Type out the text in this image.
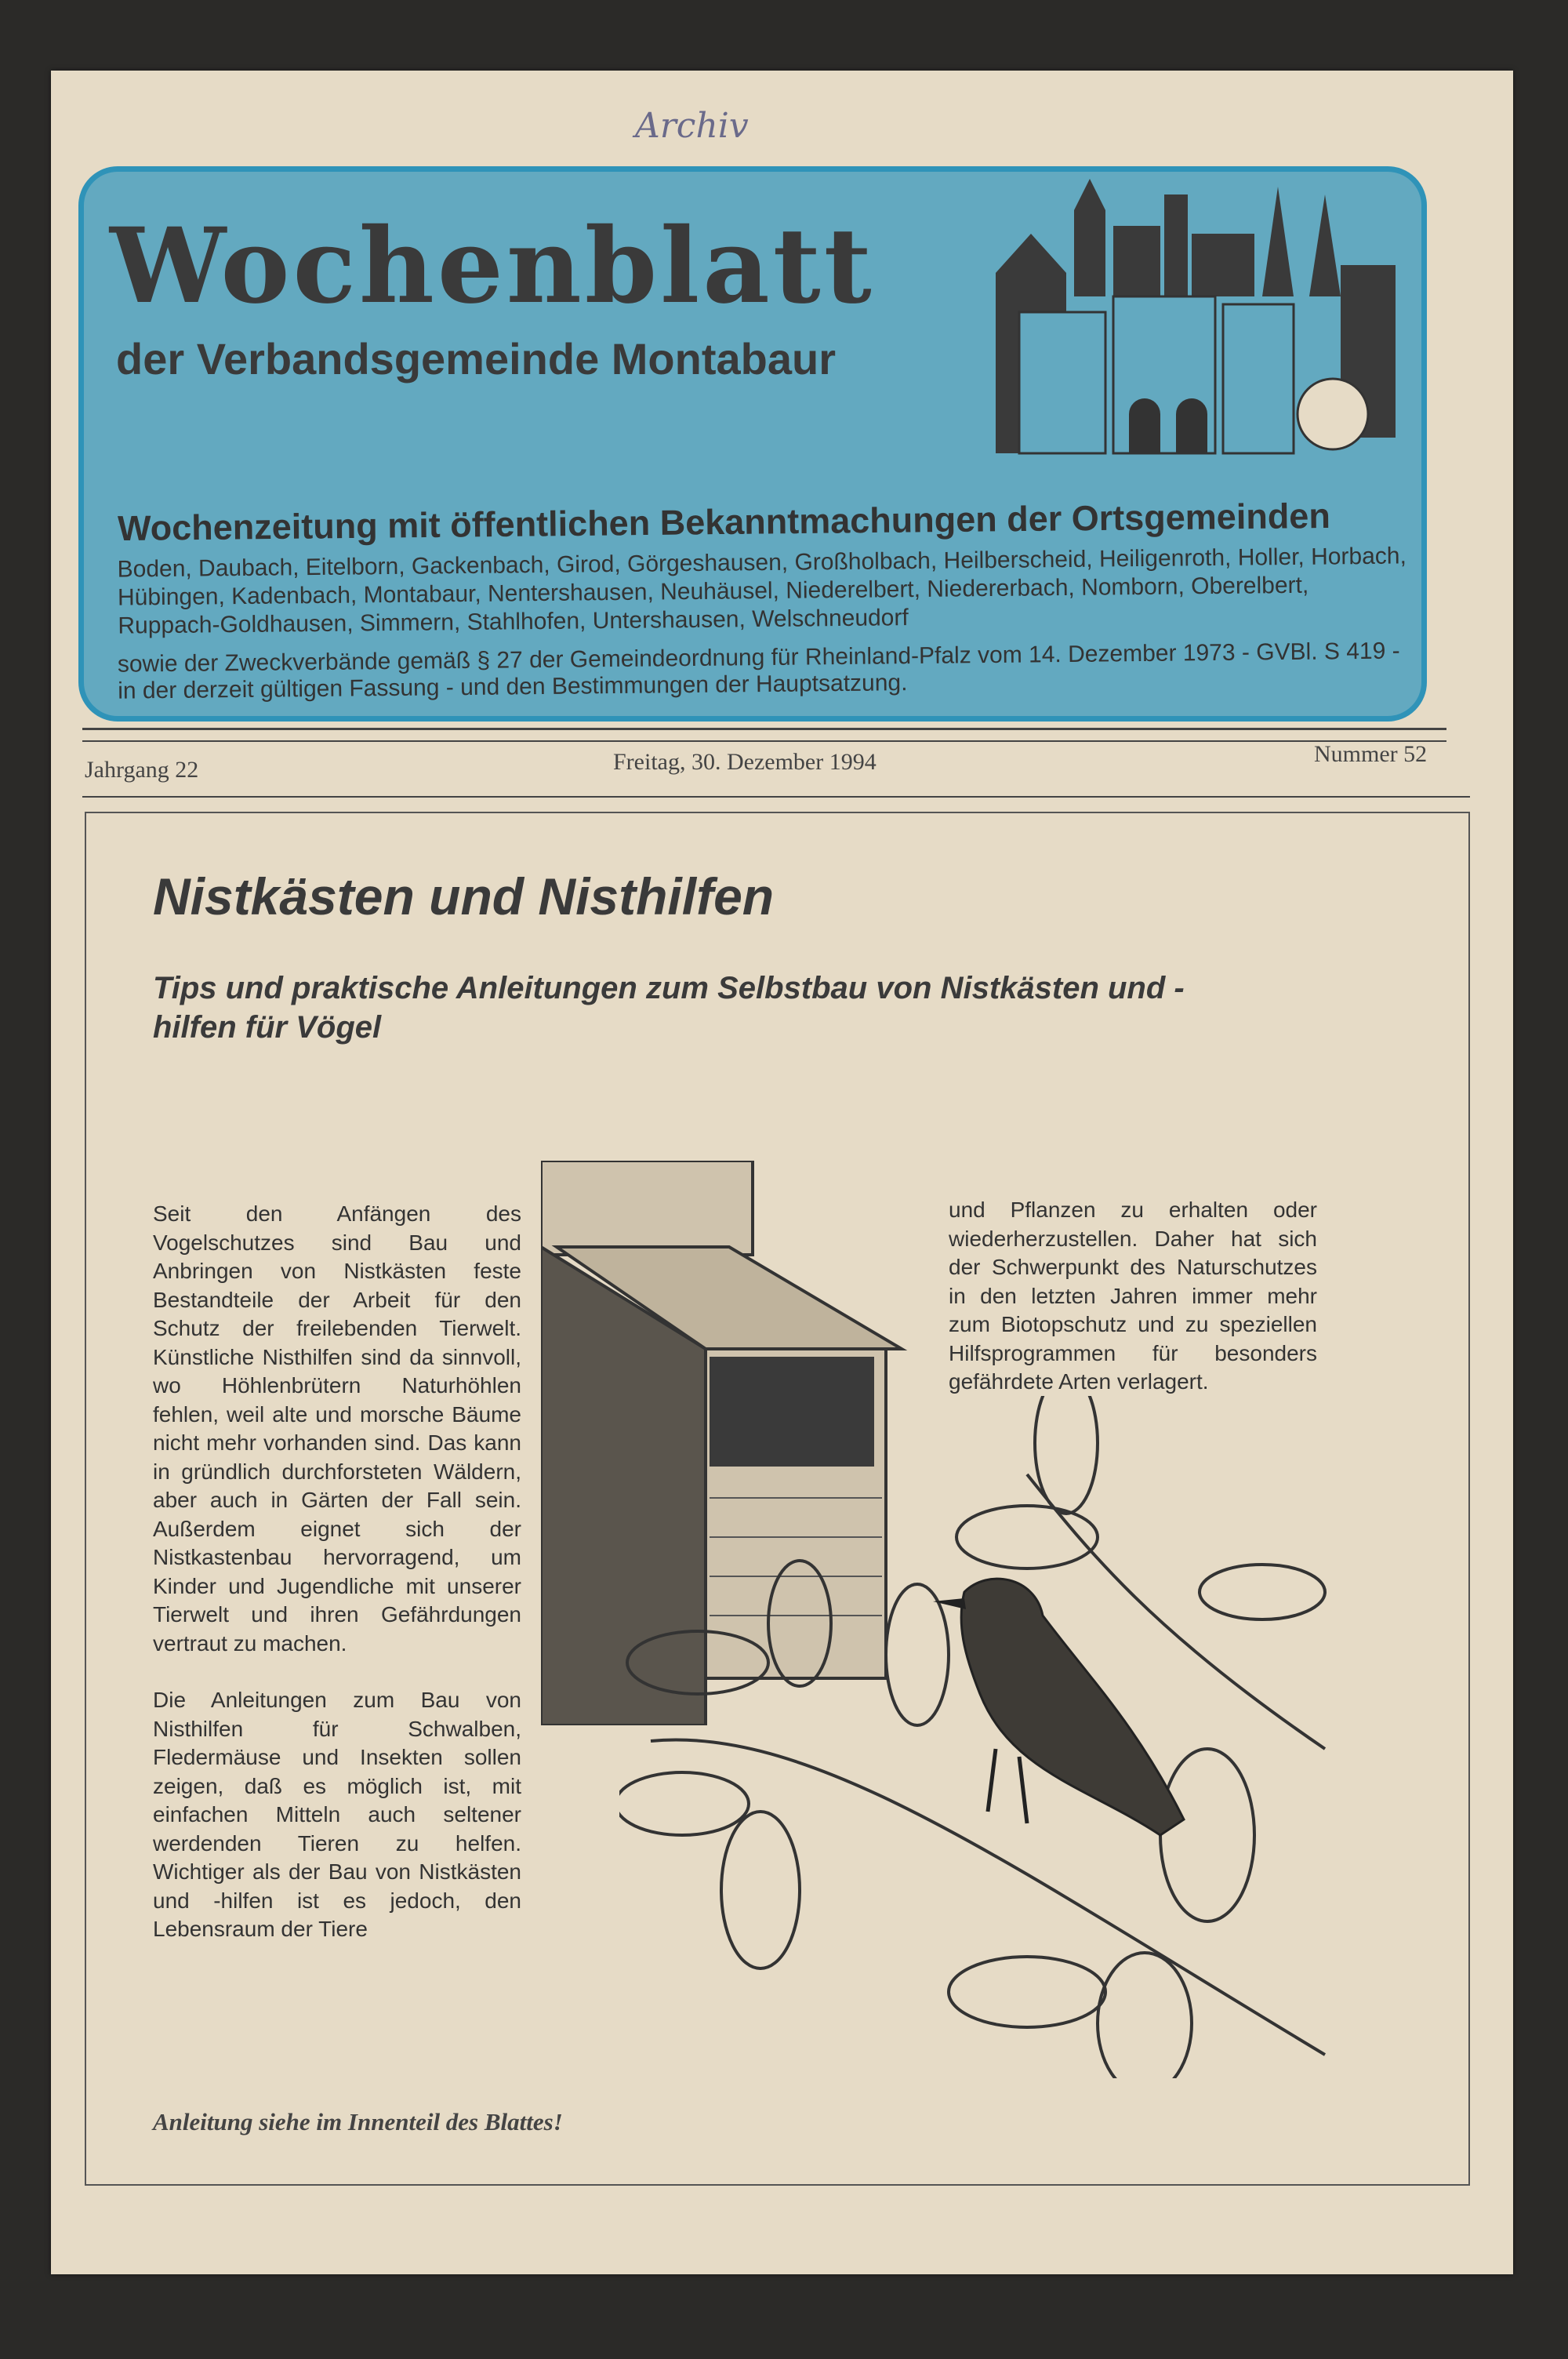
Archiv
Wochenblatt
der Verbandsgemeinde Montabaur
Wochenzeitung mit öffentlichen Bekanntmachungen der Ortsgemeinden
Boden, Daubach, Eitelborn, Gackenbach, Girod, Görgeshausen, Großholbach, Heilberscheid, Heiligenroth, Holler, Horbach, Hübingen, Kadenbach, Montabaur, Nentershausen, Neuhäusel, Niederelbert, Niedererbach, Nomborn, Oberelbert, Ruppach-Goldhausen, Simmern, Stahlhofen, Untershausen, Welschneudorf
sowie der Zweckverbände gemäß § 27 der Gemeindeordnung für Rheinland-Pfalz vom 14. Dezember 1973 - GVBl. S 419 - in der derzeit gültigen Fassung - und den Bestimmungen der Hauptsatzung.
Jahrgang 22	Freitag, 30. Dezember 1994	Nummer 52
Nistkästen und Nisthilfen
Tips und praktische Anleitungen zum Selbstbau von Nistkästen und -hilfen für Vögel

Seit den Anfängen des Vogelschutzes sind Bau und Anbringen von Nistkästen feste Bestandteile der Arbeit für den Schutz der freilebenden Tierwelt. Künstliche Nisthilfen sind da sinnvoll, wo Höhlenbrütern Naturhöhlen fehlen, weil alte und morsche Bäume nicht mehr vorhanden sind. Das kann in gründlich durchforsteten Wäldern, aber auch in Gärten der Fall sein. Außerdem eignet sich der Nistkastenbau hervorragend, um Kinder und Jugendliche mit unserer Tierwelt und ihren Gefährdungen vertraut zu machen.

Die Anleitungen zum Bau von Nisthilfen für Schwalben, Fledermäuse und Insekten sollen zeigen, daß es möglich ist, mit einfachen Mitteln auch seltener werdenden Tieren zu helfen. Wichtiger als der Bau von Nistkästen und -hilfen ist es jedoch, den Lebensraum der Tiere

und Pflanzen zu erhalten oder wiederherzustellen. Daher hat sich der Schwerpunkt des Naturschutzes in den letzten Jahren immer mehr zum Biotopschutz und zu speziellen Hilfsprogrammen für besonders gefährdete Arten verlagert.

Anleitung siehe im Innenteil des Blattes!
